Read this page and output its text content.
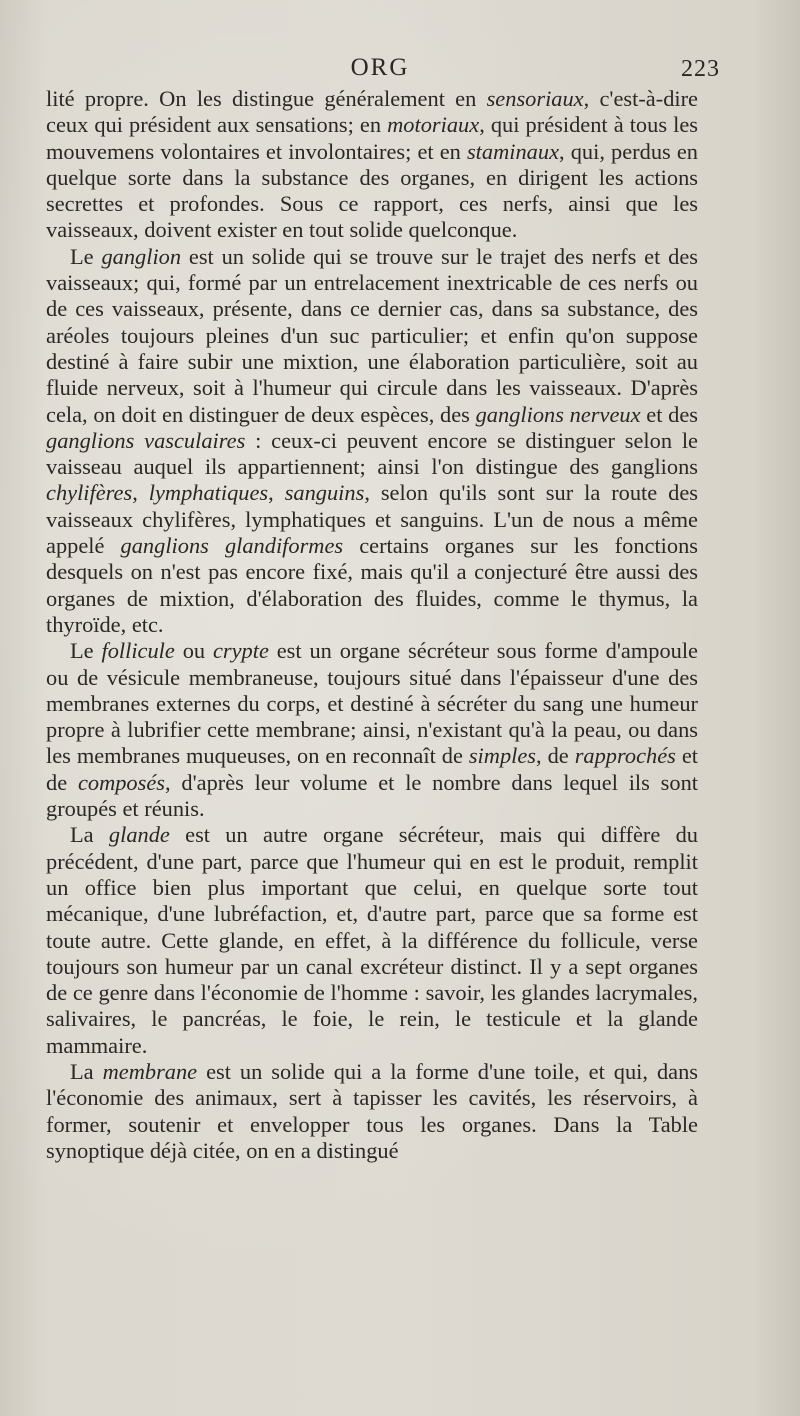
ORG	223

lité propre. On les distingue généralement en sensoriaux, c'est-à-dire ceux qui président aux sensations; en motoriaux, qui président à tous les mouvemens volontaires et involontaires; et en staminaux, qui, perdus en quelque sorte dans la substance des organes, en dirigent les actions secrettes et profondes. Sous ce rapport, ces nerfs, ainsi que les vaisseaux, doivent exister en tout solide quelconque.

Le ganglion est un solide qui se trouve sur le trajet des nerfs et des vaisseaux; qui, formé par un entrelacement inextricable de ces nerfs ou de ces vaisseaux, présente, dans ce dernier cas, dans sa substance, des aréoles toujours pleines d'un suc particulier; et enfin qu'on suppose destiné à faire subir une mixtion, une élaboration particulière, soit au fluide nerveux, soit à l'humeur qui circule dans les vaisseaux. D'après cela, on doit en distinguer de deux espèces, des ganglions nerveux et des ganglions vasculaires : ceux-ci peuvent encore se distinguer selon le vaisseau auquel ils appartiennent; ainsi l'on distingue des ganglions chylifères, lymphatiques, sanguins, selon qu'ils sont sur la route des vaisseaux chylifères, lymphatiques et sanguins. L'un de nous a même appelé ganglions glandiformes certains organes sur les fonctions desquels on n'est pas encore fixé, mais qu'il a conjecturé être aussi des organes de mixtion, d'élaboration des fluides, comme le thymus, la thyroïde, etc.

Le follicule ou crypte est un organe sécréteur sous forme d'ampoule ou de vésicule membraneuse, toujours situé dans l'épaisseur d'une des membranes externes du corps, et destiné à sécréter du sang une humeur propre à lubrifier cette membrane; ainsi, n'existant qu'à la peau, ou dans les membranes muqueuses, on en reconnaît de simples, de rapprochés et de composés, d'après leur volume et le nombre dans lequel ils sont groupés et réunis.

La glande est un autre organe sécréteur, mais qui diffère du précédent, d'une part, parce que l'humeur qui en est le produit, remplit un office bien plus important que celui, en quelque sorte tout mécanique, d'une lubréfaction, et, d'autre part, parce que sa forme est toute autre. Cette glande, en effet, à la différence du follicule, verse toujours son humeur par un canal excréteur distinct. Il y a sept organes de ce genre dans l'économie de l'homme : savoir, les glandes lacrymales, salivaires, le pancréas, le foie, le rein, le testicule et la glande mammaire.

La membrane est un solide qui a la forme d'une toile, et qui, dans l'économie des animaux, sert à tapisser les cavités, les réservoirs, à former, soutenir et envelopper tous les organes. Dans la Table synoptique déjà citée, on en a distingué
